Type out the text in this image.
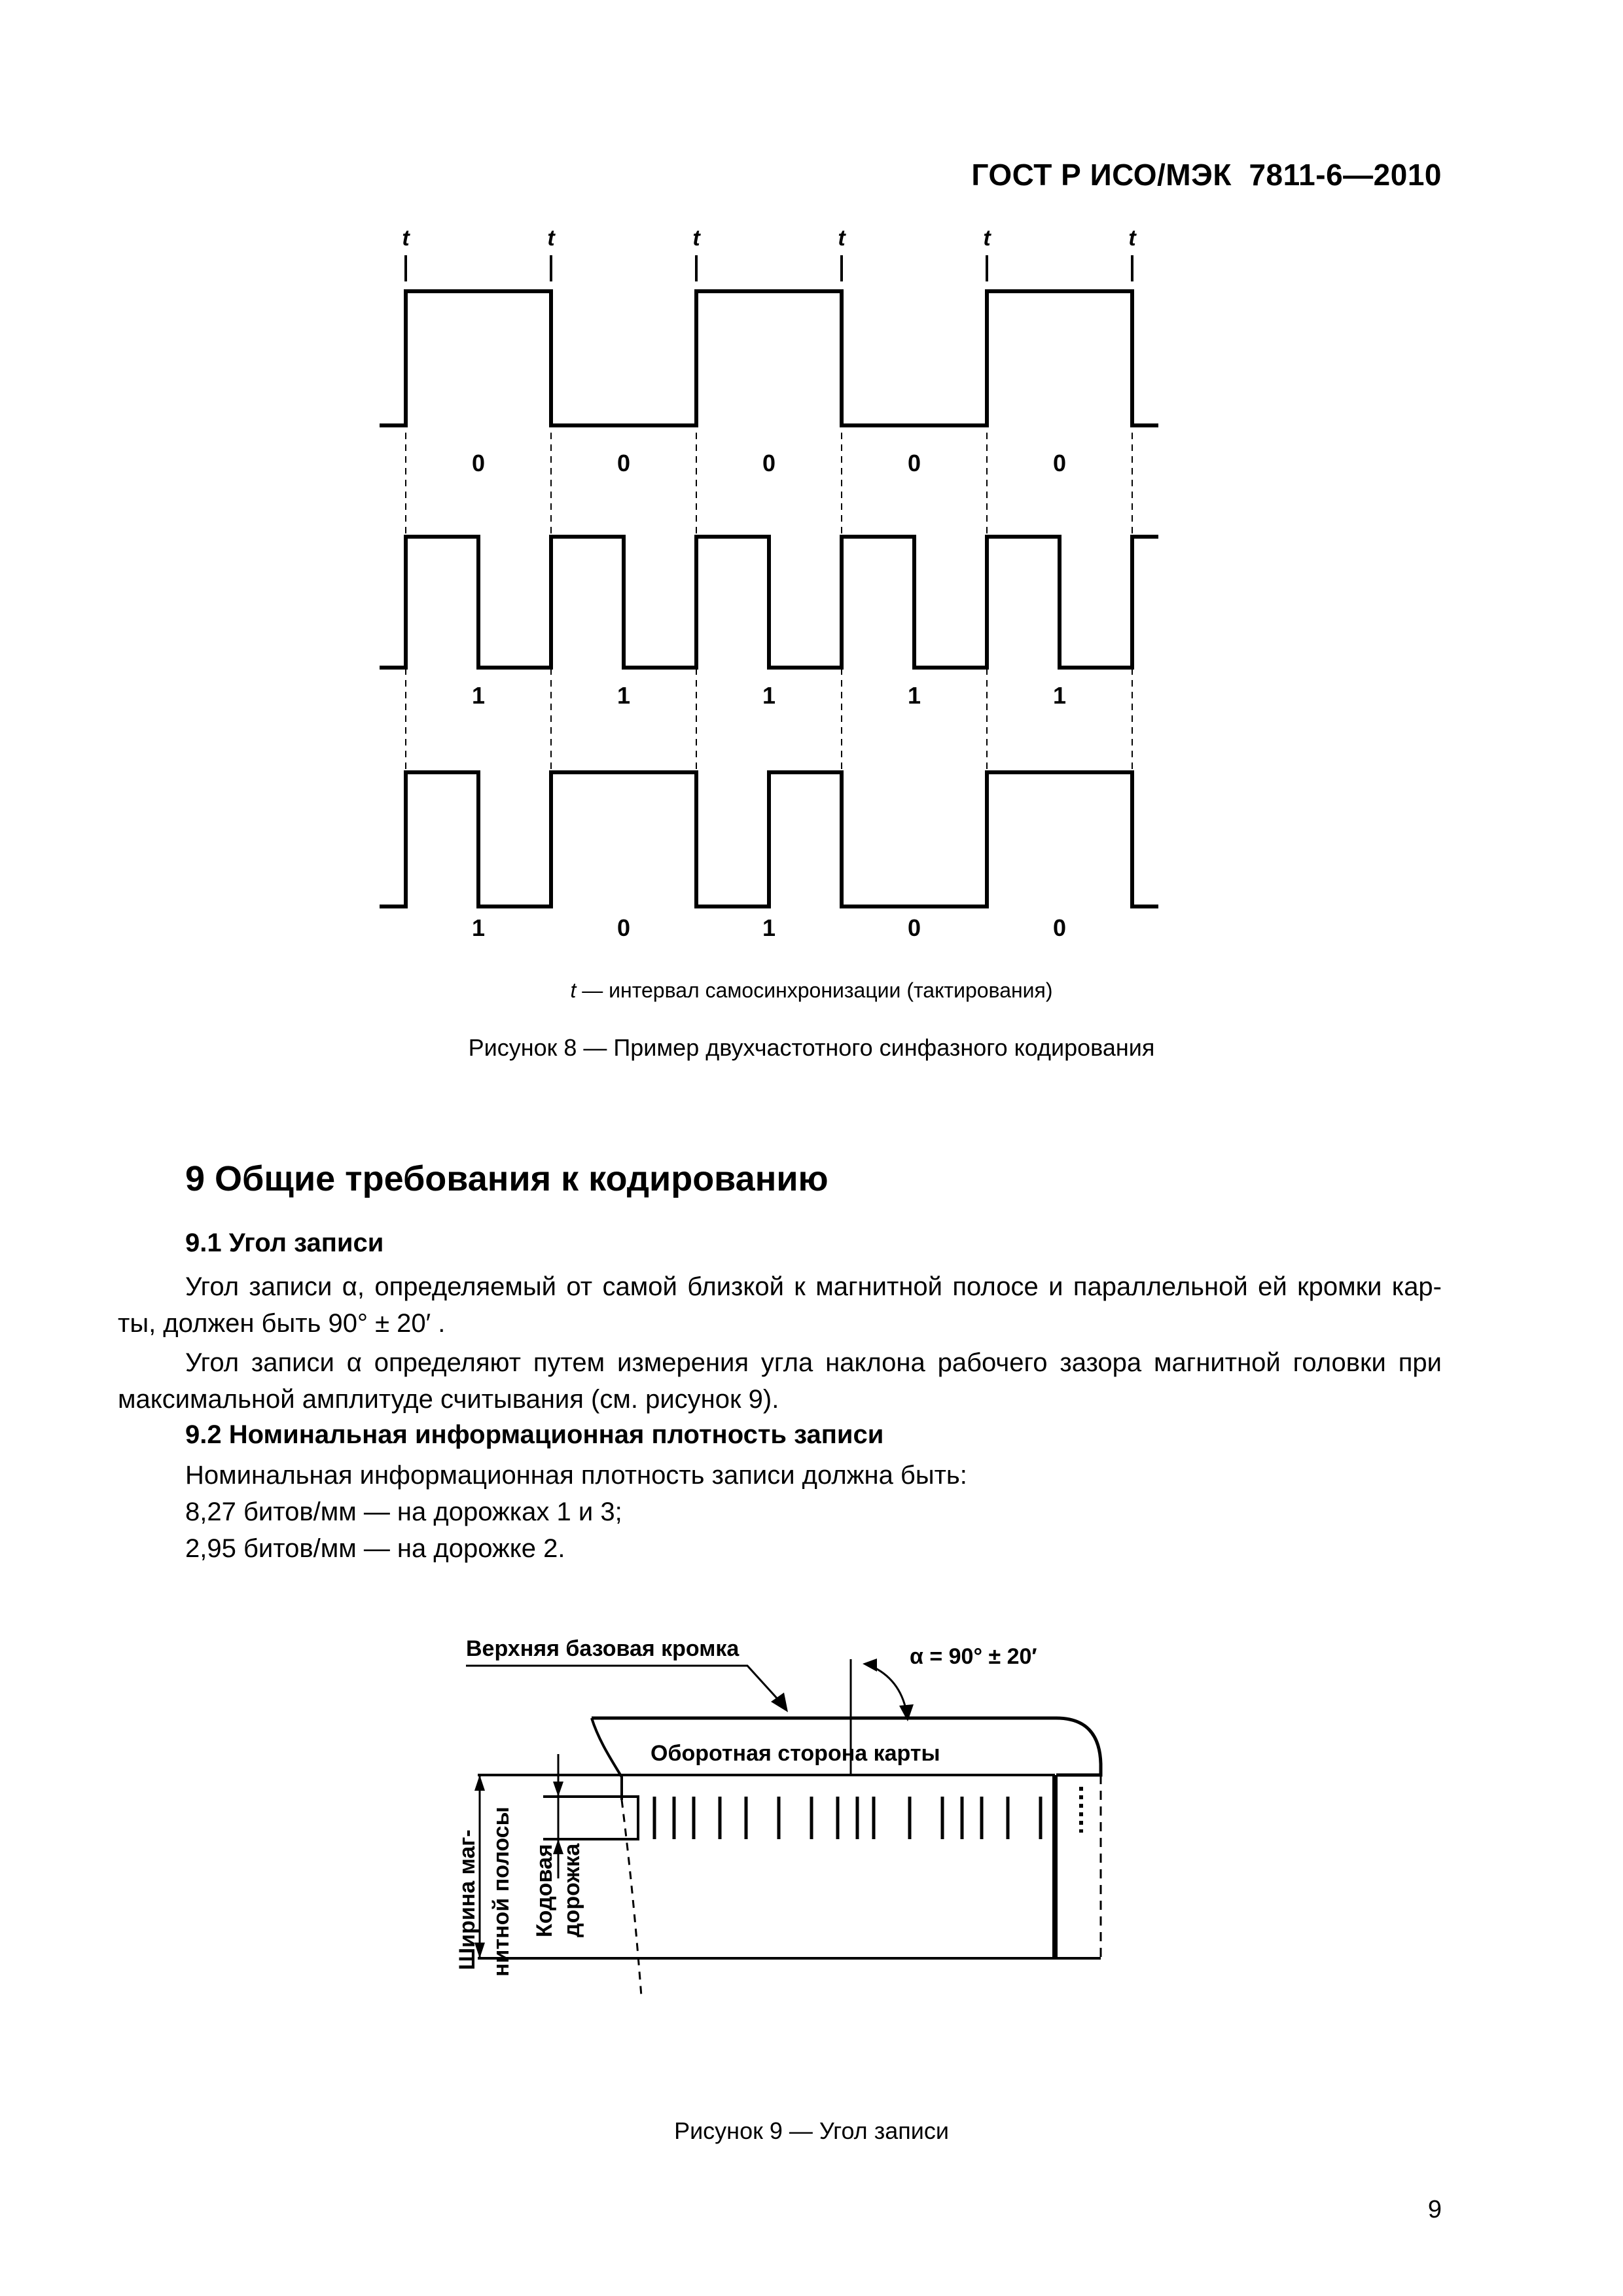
ГОСТ Р ИСО/МЭК  7811-6—2010
t	t	t	t	t	t
0	0	0	0	0
1	1	1	1	1
1	0	1	0	0
t — интервал самосинхронизации (тактирования)
Рисунок 8 — Пример двухчастотного синфазного кодирования
9 Общие требования к кодированию
9.1 Угол записи
Угол записи α, определяемый от самой близкой к магнитной полосе и параллельной ей кромки кар-
ты, должен быть 90° ± 20′ .
Угол записи α определяют путем измерения угла наклона рабочего зазора магнитной головки при
максимальной амплитуде считывания (см. рисунок 9).
9.2 Номинальная информационная плотность записи
Номинальная информационная плотность записи должна быть:
8,27 битов/мм — на дорожках 1 и 3;
2,95 битов/мм — на дорожке 2.
Верхняя базовая кромка	α = 90° ± 20′
Оборотная сторона карты
Ширина маг- нитной полосы Кодовая дорожка
Рисунок 9 — Угол записи
9
